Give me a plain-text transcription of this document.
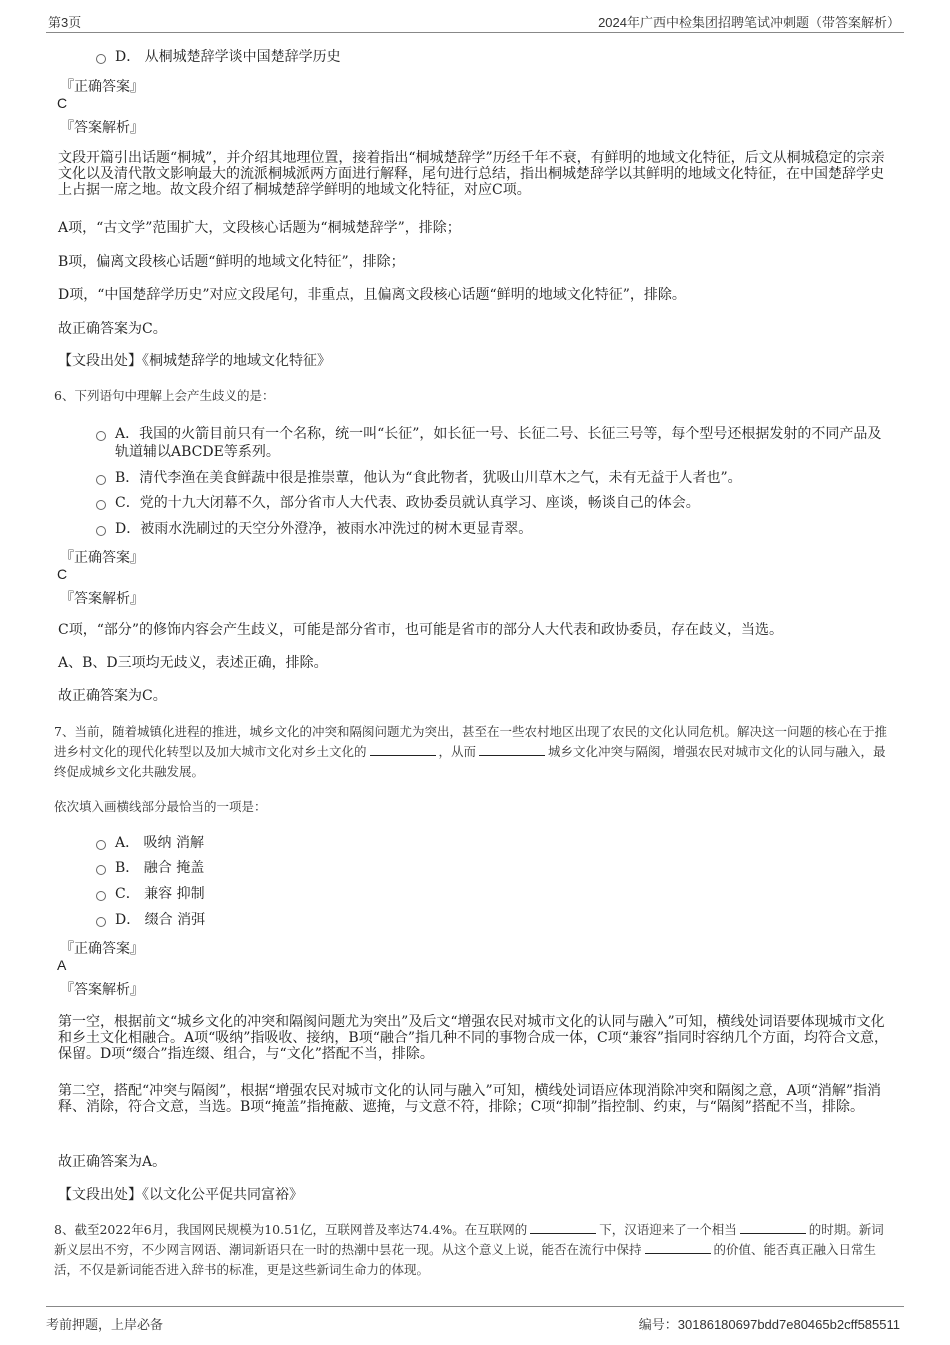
第3页	2024年广西中检集团招聘笔试冲刺题（带答案解析）
D． 从桐城楚辞学谈中国楚辞学历史
『正确答案』
C
『答案解析』
文段开篇引出话题“桐城”，并介绍其地理位置，接着指出“桐城楚辞学”历经千年不衰，有鲜明的地域文化特征，后文从桐城稳定的宗亲文化以及清代散文影响最大的流派桐城派两方面进行解释，尾句进行总结，指出桐城楚辞学以其鲜明的地域文化特征，在中国楚辞学史上占据一席之地。故文段介绍了桐城楚辞学鲜明的地域文化特征，对应C项。
A项，“古文学”范围扩大，文段核心话题为“桐城楚辞学”，排除；
B项，偏离文段核心话题“鲜明的地域文化特征”，排除；
D项，“中国楚辞学历史”对应文段尾句，非重点，且偏离文段核心话题“鲜明的地域文化特征”，排除。
故正确答案为C。
【文段出处】《桐城楚辞学的地域文化特征》
6、下列语句中理解上会产生歧义的是：
A．我国的火箭目前只有一个名称，统一叫“长征”，如长征一号、长征二号、长征三号等，每个型号还根据发射的不同产品及轨道辅以ABCDE等系列。
B．清代李渔在美食鲜蔬中很是推崇蕈，他认为“食此物者，犹吸山川草木之气，未有无益于人者也”。
C．党的十九大闭幕不久，部分省市人大代表、政协委员就认真学习、座谈，畅谈自己的体会。
D．被雨水洗刷过的天空分外澄净，被雨水冲洗过的树木更显青翠。
『正确答案』
C
『答案解析』
C项，“部分”的修饰内容会产生歧义，可能是部分省市，也可能是省市的部分人大代表和政协委员，存在歧义，当选。
A、B、D三项均无歧义，表述正确，排除。
故正确答案为C。
7、当前，随着城镇化进程的推进，城乡文化的冲突和隔阂问题尤为突出，甚至在一些农村地区出现了农民的文化认同危机。解决这一问题的核心在于推进乡村文化的现代化转型以及加大城市文化对乡土文化的	，从而	城乡文化冲突与隔阂，增强农民对城市文化的认同与融入，最终促成城乡文化共融发展。
依次填入画横线部分最恰当的一项是：
A． 吸纳 消解
B． 融合 掩盖
C． 兼容 抑制
D． 缀合 消弭
『正确答案』
A
『答案解析』
第一空，根据前文“城乡文化的冲突和隔阂问题尤为突出”及后文“增强农民对城市文化的认同与融入”可知，横线处词语要体现城市文化和乡土文化相融合。A项“吸纳”指吸收、接纳，B项“融合”指几种不同的事物合成一体，C项“兼容”指同时容纳几个方面，均符合文意，保留。D项“缀合”指连缀、组合，与“文化”搭配不当，排除。
第二空，搭配“冲突与隔阂”，根据“增强农民对城市文化的认同与融入”可知，横线处词语应体现消除冲突和隔阂之意，A项“消解”指消释、消除，符合文意，当选。B项“掩盖”指掩蔽、遮掩，与文意不符，排除；C项“抑制”指控制、约束，与“隔阂”搭配不当，排除。
故正确答案为A。
【文段出处】《以文化公平促共同富裕》
8、截至2022年6月，我国网民规模为10.51亿，互联网普及率达74.4%。在互联网的	下，汉语迎来了一个相当	的时期。新词新义层出不穷，不少网言网语、潮词新语只在一时的热潮中昙花一现。从这个意义上说，能否在流行中保持	的价值、能否真正融入日常生活，不仅是新词能否进入辞书的标准，更是这些新词生命力的体现。
考前押题，上岸必备	编号：30186180697bdd7e80465b2cff585511
